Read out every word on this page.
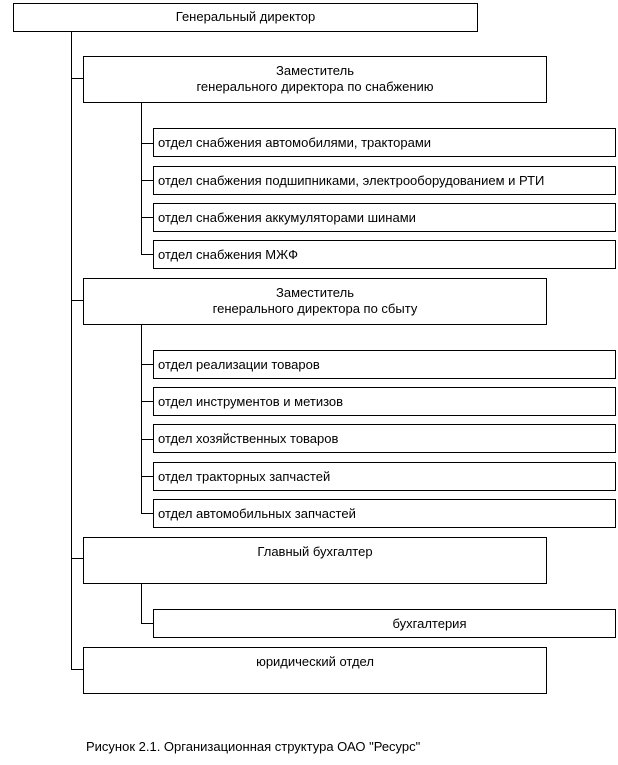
Генеральный директор
Заместитель
генерального директора по снабжению
отдел снабжения автомобилями, тракторами
отдел снабжения подшипниками, электрооборудованием и РТИ
отдел снабжения аккумуляторами шинами
отдел снабжения МЖФ
Заместитель
генерального директора по сбыту
отдел реализации товаров
отдел инструментов и метизов
отдел хозяйственных товаров
отдел тракторных запчастей
отдел автомобильных запчастей
Главный бухгалтер
бухгалтерия
юридический отдел
Рисунок 2.1. Организационная структура ОАО "Ресурс"
